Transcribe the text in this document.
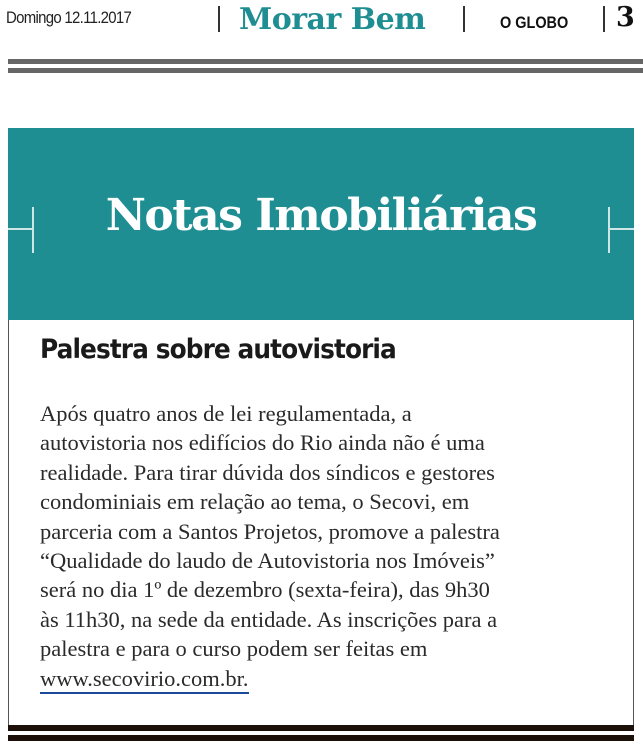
Domingo 12.11.2017	Morar Bem	O GLOBO 3
Notas Imobiliárias
Palestra sobre autovistoria
Após quatro anos de lei regulamentada, a
autovistoria nos edifícios do Rio ainda não é uma
realidade. Para tirar dúvida dos síndicos e gestores
condominiais em relação ao tema, o Secovi, em
parceria com a Santos Projetos, promove a palestra
“Qualidade do laudo de Autovistoria nos Imóveis”
será no dia 1º de dezembro (sexta-feira), das 9h30
às 11h30, na sede da entidade. As inscrições para a
palestra e para o curso podem ser feitas em
www.secovirio.com.br.
